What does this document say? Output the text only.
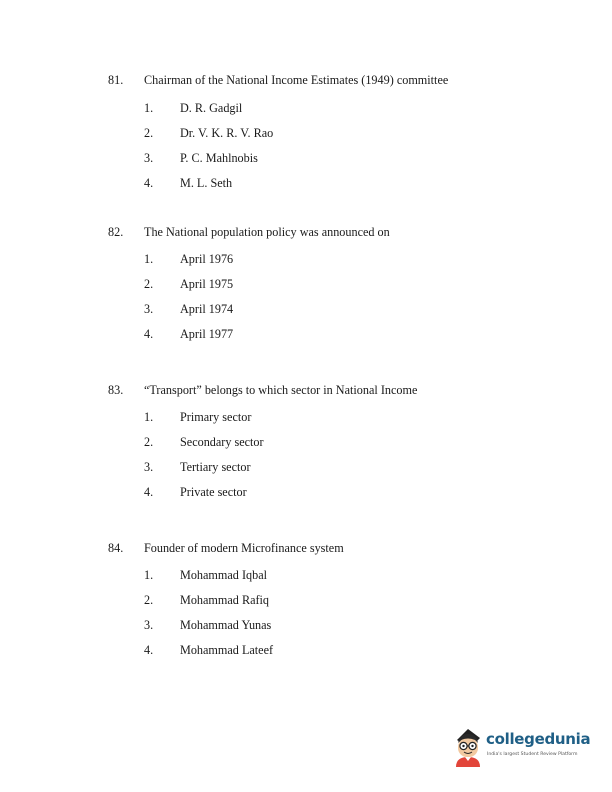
81. Chairman of the National Income Estimates (1949) committee
1. D. R. Gadgil
2. Dr. V. K. R. V. Rao
3. P. C. Mahlnobis
4. M. L. Seth
82. The National population policy was announced on
1. April 1976
2. April 1975
3. April 1974
4. April 1977
83. “Transport” belongs to which sector in National Income
1. Primary sector
2. Secondary sector
3. Tertiary sector
4. Private sector
84. Founder of modern Microfinance system
1. Mohammad Iqbal
2. Mohammad Rafiq
3. Mohammad Yunas
4. Mohammad Lateef
collegedunia
India's largest Student Review Platform
